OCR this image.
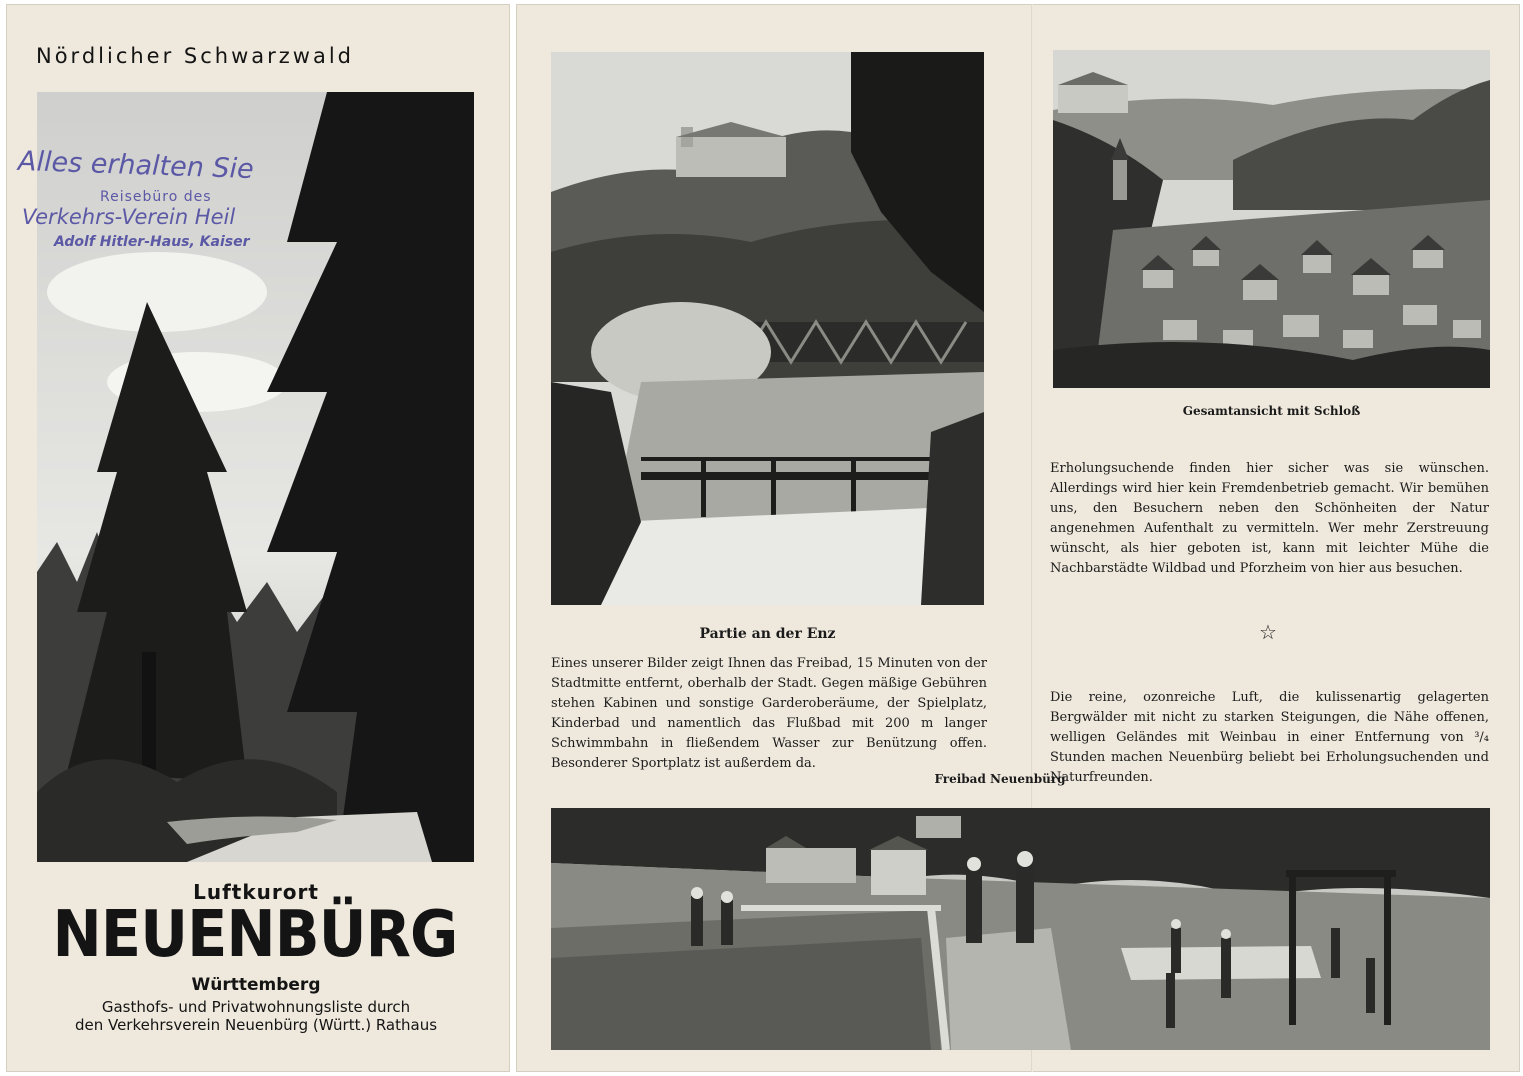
Nördlicher Schwarzwald
Alles erhalten Sie
Reisebüro des
Verkehrs-Verein Heil
Adolf Hitler-Haus, Kaiser
Luftkurort
NEUENBÜRG
Württemberg
Gasthofs- und Privatwohnungsliste durch
den Verkehrsverein Neuenbürg (Württ.) Rathaus
Gesamtansicht mit Schloß
Erholungsuchende finden hier sicher was sie wünschen. Allerdings wird hier kein Fremdenbetrieb gemacht. Wir bemühen uns, den Besuchern neben den Schönheiten der Natur angenehmen Aufenthalt zu vermitteln. Wer mehr Zerstreuung wünscht, als hier geboten ist, kann mit leichter Mühe die Nachbarstädte Wildbad und Pforzheim von hier aus besuchen.
☆
Partie an der Enz
Eines unserer Bilder zeigt Ihnen das Freibad, 15 Minuten von der Stadtmitte entfernt, oberhalb der Stadt. Gegen mäßige Gebühren stehen Kabinen und sonstige Garderoberäume, der Spielplatz, Kinderbad und namentlich das Flußbad mit 200 m langer Schwimmbahn in fließendem Wasser zur Benützung offen. Besonderer Sportplatz ist außerdem da.
Die reine, ozonreiche Luft, die kulissenartig gelagerten Bergwälder mit nicht zu starken Steigungen, die Nähe offenen, welligen Geländes mit Weinbau in einer Entfernung von ³/₄ Stunden machen Neuenbürg beliebt bei Erholungsuchenden und Naturfreunden.
Freibad Neuenbürg
